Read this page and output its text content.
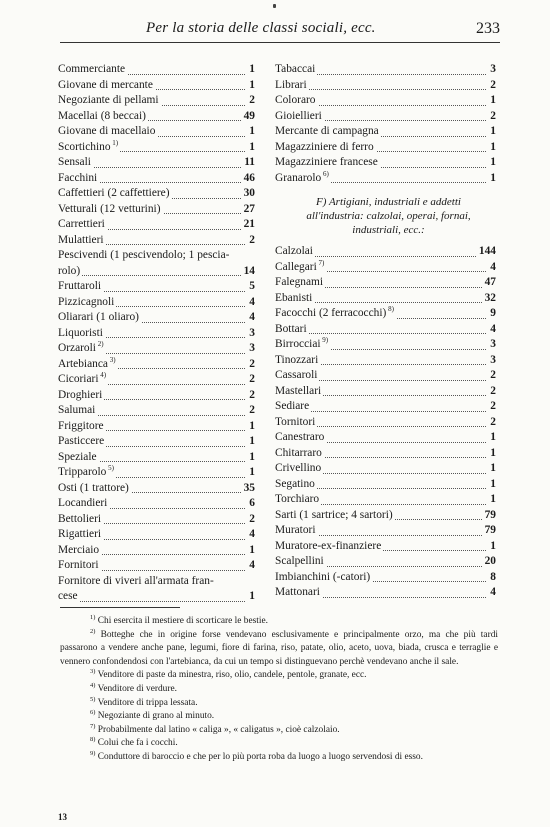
Per la storia delle classi sociali, ecc.	233
Commerciante	1
Giovane di mercante	1
Negoziante di pellami	2
Macellai (8 beccai)	49
Giovane di macellaio	1
Scortichino $^{1)}$	1
Sensali	11
Facchini	46
Caffettieri (2 caffettiere)	30
Vetturali (12 vetturini)	27
Carrettieri	21
Mulattieri	2
Pescivendi (1 pescivendolo; 1 pescia-
rolo)	14
Fruttaroli	5
Pizzicagnoli	4
Oliarari (1 oliaro)	4
Liquoristi	3
Orzaroli $^{2)}$	3
Artebianca $^{3)}$	2
Cicoriari $^{4)}$	2
Droghieri	2
Salumai	2
Friggitore	1
Pasticcere	1
Speziale	1
Tripparolo $^{5)}$	1
Osti (1 trattore)	35
Locandieri	6
Bettolieri	2
Rigattieri	4
Merciaio	1
Fornitori	4
Fornitore di viveri all'armata fran-
cese	1
Tabaccai	3
Librari	2
Coloraro	1
Gioiellieri	2
Mercante di campagna	1
Magazziniere di ferro	1
Magazziniere francese	1
Granarolo $^{6)}$	1
F) Artigiani, industriali e addetti
all'industria: calzolai, operai, fornai,
industriali, ecc.:
Calzolai	144
Callegari $^{7)}$	4
Falegnami	47
Ebanisti	32
Facocchi (2 ferracocchi) $^{8)}$	9
Bottari	4
Birrocciai $^{9)}$	3
Tinozzari	3
Cassaroli	2
Mastellari	2
Sediare	2
Tornitori	2
Canestraro	1
Chitarraro	1
Crivellino	1
Segatino	1
Torchiaro	1
Sarti (1 sartrice; 4 sartori)	79
Muratori	79
Muratore-ex-finanziere	1
Scalpellini	20
Imbianchini (-catori)	8
Mattonari	4
$^{1)}$ Chi esercita il mestiere di scorticare le bestie.
$^{2)}$ Botteghe che in origine forse vendevano esclusivamente e principalmente orzo, ma che più tardi passarono a vendere anche pane, legumi, fiore di farina, riso, patate, olio, aceto, uova, biada, crusca e terraglie e vennero confondendosi con l'artebianca, da cui un tempo si distinguevano perchè vendevano anche il sale.
$^{3)}$ Venditore di paste da minestra, riso, olio, candele, pentole, granate, ecc.
$^{4)}$ Venditore di verdure.
$^{5)}$ Venditore di trippa lessata.
$^{6)}$ Negoziante di grano al minuto.
$^{7)}$ Probabilmente dal latino « caliga », « caligatus », cioè calzolaio.
$^{8)}$ Colui che fa i cocchi.
$^{9)}$ Conduttore di baroccio e che per lo più porta roba da luogo a luogo servendosi di esso.
13
